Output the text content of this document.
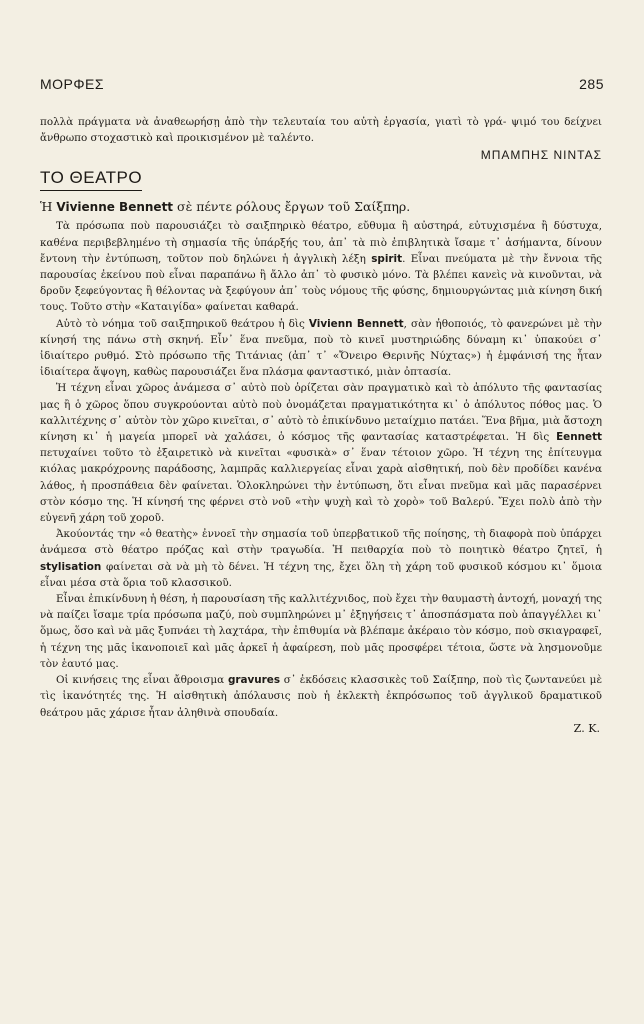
ΜΟΡΦΕΣ	285

πολλὰ πράγματα νὰ ἀναθεωρήσῃ ἀπὸ τὴν τελευταία του αὐτὴ ἐργασία, γιατὶ τὸ γρά- ψιμό του δείχνει ἄνθρωπο στοχαστικὸ καὶ προικισμένον μὲ ταλέντο.

ΜΠΑΜΠΗΣ ΝΙΝΤΑΣ
ΤΟ ΘΕΑΤΡΟ
Ἡ Vivienne Bennett σὲ πέντε ρόλους ἔργων τοῦ Σαίξπηρ.

Τὰ πρόσωπα ποὺ παρουσιάζει τὸ σαιξπηρικὸ θέατρο, εὔθυμα ἢ αὐστηρά, εὐτυχισμένα ἢ δύστυχα, καθένα περιβεβλημένο τὴ σημασία τῆς ὑπάρξής του, ἀπ᾿ τὰ πιὸ ἐπιβλητικὰ ἴσαμε τ᾿ ἀσήμαντα, δίνουν ἔντονη τὴν ἐντύπωση, τοῦτον ποὺ δηλώνει ἡ ἀγγλικὴ λέξη spirit. Εἶναι πνεύματα μὲ τὴν ἔννοια τῆς παρουσίας ἐκείνου ποὺ εἶναι παραπάνω ἢ ἄλλο ἀπ᾿ τὸ φυσικὸ μόνο. Τὰ βλέπει κανεὶς νὰ κινοῦνται, νὰ δροῦν ξεφεύγοντας ἢ θέλοντας νὰ ξεφύγουν ἀπ᾿ τοὺς νόμους τῆς φύσης, δημιουργώντας μιὰ κίνηση δική τους. Τοῦτο στὴν «Καταιγίδα» φαίνεται καθαρά.

Αὐτὸ τὸ νόημα τοῦ σαιξπηρικοῦ θεάτρου ἡ δὶς Vivienn Bennett, σὰν ἠθοποιός, τὸ φανερώνει μὲ τὴν κίνησή της πάνω στὴ σκηνή. Εἶν᾿ ἕνα πνεῦμα, ποὺ τὸ κινεῖ μυστηριώδης δύναμη κι᾿ ὑπακούει σ᾿ ἰδιαίτερο ρυθμό. Στὸ πρόσωπο τῆς Τιτάνιας (ἀπ᾿ τ᾿ «Ὄνειρο Θερινῆς Νύχτας») ἡ ἐμφάνισή της ἦταν ἰδιαίτερα ἄψογη, καθὼς παρουσιάζει ἕνα πλάσμα φανταστικό, μιὰν ὀπτασία.

Ἡ τέχνη εἶναι χῶρος ἀνάμεσα σ᾿ αὐτὸ ποὺ ὁρίζεται σὰν πραγματικὸ καὶ τὸ ἀπόλυτο τῆς φαντασίας μας ἢ ὁ χῶρος ὅπου συγκρούονται αὐτὸ ποὺ ὀνομάζεται πραγματικότητα κι᾿ ὁ ἀπόλυτος πόθος μας. Ὁ καλλιτέχνης σ᾿ αὐτὸν τὸν χῶρο κινεῖται, σ᾿ αὐτὸ τὸ ἐπικίνδυνο μεταίχμιο πατάει. Ἕνα βῆμα, μιὰ ἄστοχη κίνηση κι᾿ ἡ μαγεία μπορεῖ νὰ χαλάσει, ὁ κόσμος τῆς φαντασίας καταστρέφεται. Ἡ δὶς Eennett πετυχαίνει τοῦτο τὸ ἐξαιρετικὸ νὰ κινεῖται «φυσικὰ» σ᾿ ἕναν τέτοιον χῶρο. Ἡ τέχνη της ἐπίτευγμα κιόλας μακρόχρονης παράδοσης, λαμπρᾶς καλλιεργείας εἶναι χαρὰ αἰσθητική, ποὺ δὲν προδίδει κανένα λάθος, ἡ προσπάθεια δὲν φαίνεται. Ὁλοκληρώνει τὴν ἐντύπωση, ὅτι εἶναι πνεῦμα καὶ μᾶς παρασέρνει στὸν κόσμο της. Ἡ κίνησή της φέρνει στὸ νοῦ «τὴν ψυχὴ καὶ τὸ χορὸ» τοῦ Βαλερύ. Ἔχει πολὺ ἀπὸ τὴν εὐγενῆ χάρη τοῦ χοροῦ.

Ἀκούοντάς την «ὁ θεατὴς» ἐννοεῖ τὴν σημασία τοῦ ὑπερβατικοῦ τῆς ποίησης, τὴ διαφορὰ ποὺ ὑπάρχει ἀνάμεσα στὸ θέατρο πρόζας καὶ στὴν τραγωδία. Ἡ πειθαρχία ποὺ τὸ ποιητικὸ θέατρο ζητεῖ, ἡ stylisation φαίνεται σὰ νὰ μὴ τὸ δένει. Ἡ τέχνη της, ἔχει ὅλη τὴ χάρη τοῦ φυσικοῦ κόσμου κι᾿ ὅμοια εἶναι μέσα στὰ ὅρια τοῦ κλασσικοῦ.

Εἶναι ἐπικίνδυνη ἡ θέση, ἡ παρουσίαση τῆς καλλιτέχνιδος, ποὺ ἔχει τὴν θαυμαστὴ ἀντοχή, μοναχή της νὰ παίζει ἴσαμε τρία πρόσωπα μαζύ, ποὺ συμπληρώνει μ᾿ ἐξηγήσεις τ᾿ ἀποσπάσματα ποὺ ἀπαγγέλλει κι᾿ ὅμως, ὅσο καὶ νὰ μᾶς ξυπνάει τὴ λαχτάρα, τὴν ἐπιθυμία νὰ βλέπαμε ἀκέραιο τὸν κόσμο, ποὺ σκιαγραφεῖ, ἡ τέχνη της μᾶς ἱκανοποιεῖ καὶ μᾶς ἀρκεῖ ἡ ἀφαίρεση, ποὺ μᾶς προσφέρει τέτοια, ὥστε νὰ λησμονοῦμε τὸν ἑαυτό μας.

Οἱ κινήσεις της εἶναι ἄθροισμα gravures σ᾿ ἐκδόσεις κλασσικὲς τοῦ Σαίξπηρ, ποὺ τὶς ζωντανεύει μὲ τὶς ἱκανότητές της. Ἡ αἰσθητικὴ ἀπόλαυσις ποὺ ἡ ἐκλεκτὴ ἐκπρόσωπος τοῦ ἀγγλικοῦ δραματικοῦ θεάτρου μᾶς χάρισε ἦταν ἀληθινὰ σπουδαία.

Ζ. Κ.
